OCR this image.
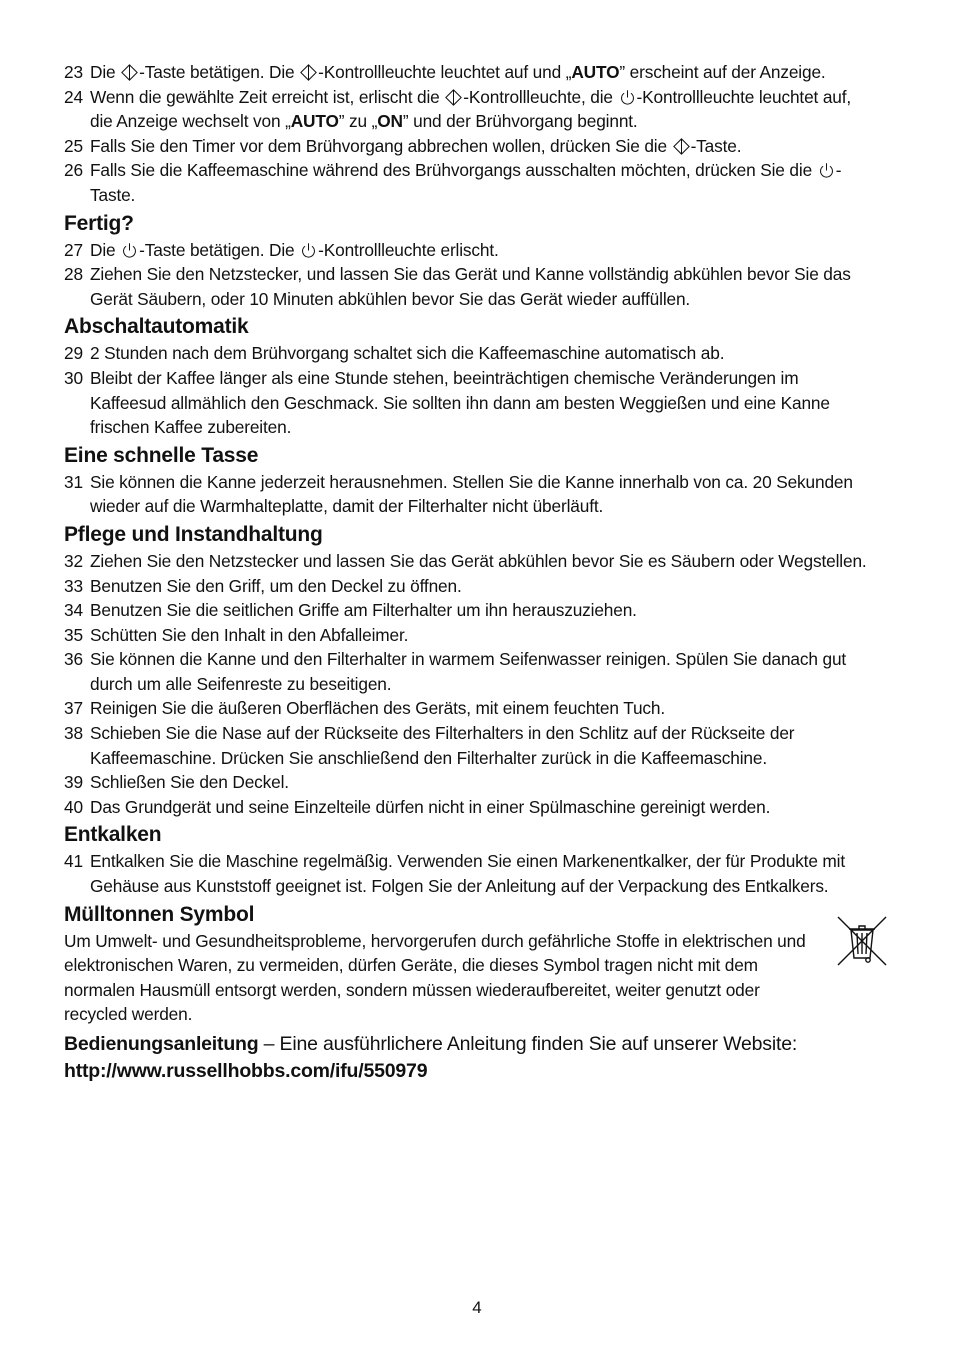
23 Die
-Taste betätigen. Die
-Kontrollleuchte leuchtet auf und „AUTO” erscheint auf der Anzeige.
24 Wenn die gewählte Zeit erreicht ist, erlischt die
-Kontrollleuchte, die
-Kontrollleuchte leuchtet auf, die Anzeige wechselt von „AUTO” zu „ON” und der Brühvorgang beginnt.
25 Falls Sie den Timer vor dem Brühvorgang abbrechen wollen, drücken Sie die
-Taste.
26 Falls Sie die Kaffeemaschine während des Brühvorgangs ausschalten möchten, drücken Sie die
-Taste.
Fertig?
27 Die
-Taste betätigen. Die
-Kontrollleuchte erlischt.
28 Ziehen Sie den Netzstecker, und lassen Sie das Gerät und Kanne vollständig abkühlen bevor Sie das Gerät Säubern, oder 10 Minuten abkühlen bevor Sie das Gerät wieder auffüllen.
Abschaltautomatik
29 2 Stunden nach dem Brühvorgang schaltet sich die Kaffeemaschine automatisch ab.
30 Bleibt der Kaffee länger als eine Stunde stehen, beeinträchtigen chemische Veränderungen im Kaffeesud allmählich den Geschmack. Sie sollten ihn dann am besten Weggießen und eine Kanne frischen Kaffee zubereiten.
Eine schnelle Tasse
31 Sie können die Kanne jederzeit herausnehmen. Stellen Sie die Kanne innerhalb von ca. 20 Sekunden wieder auf die Warmhalteplatte, damit der Filterhalter nicht überläuft.
Pflege und Instandhaltung
32 Ziehen Sie den Netzstecker und lassen Sie das Gerät abkühlen bevor Sie es Säubern oder Wegstellen.
33 Benutzen Sie den Griff, um den Deckel zu öffnen.
34 Benutzen Sie die seitlichen Griffe am Filterhalter um ihn herauszuziehen.
35 Schütten Sie den Inhalt in den Abfalleimer.
36 Sie können die Kanne und den Filterhalter in warmem Seifenwasser reinigen. Spülen Sie danach gut durch um alle Seifenreste zu beseitigen.
37 Reinigen Sie die äußeren Oberflächen des Geräts, mit einem feuchten Tuch.
38 Schieben Sie die Nase auf der Rückseite des Filterhalters in den Schlitz auf der Rückseite der Kaffeemaschine. Drücken Sie anschließend den Filterhalter zurück in die Kaffeemaschine.
39 Schließen Sie den Deckel.
40 Das Grundgerät und seine Einzelteile dürfen nicht in einer Spülmaschine gereinigt werden.
Entkalken
41 Entkalken Sie die Maschine regelmäßig. Verwenden Sie einen Markenentkalker, der für Produkte mit Gehäuse aus Kunststoff geeignet ist. Folgen Sie der Anleitung auf der Verpackung des Entkalkers.
Mülltonnen Symbol
Um Umwelt- und Gesundheitsprobleme, hervorgerufen durch gefährliche Stoffe in elektrischen und elektronischen Waren, zu vermeiden, dürfen Geräte, die dieses Symbol tragen nicht mit dem normalen Hausmüll entsorgt werden, sondern müssen wiederaufbereitet, weiter genutzt oder recycled werden.
Bedienungsanleitung – Eine ausführlichere Anleitung finden Sie auf unserer Website:
http://www.russellhobbs.com/ifu/550979
4
